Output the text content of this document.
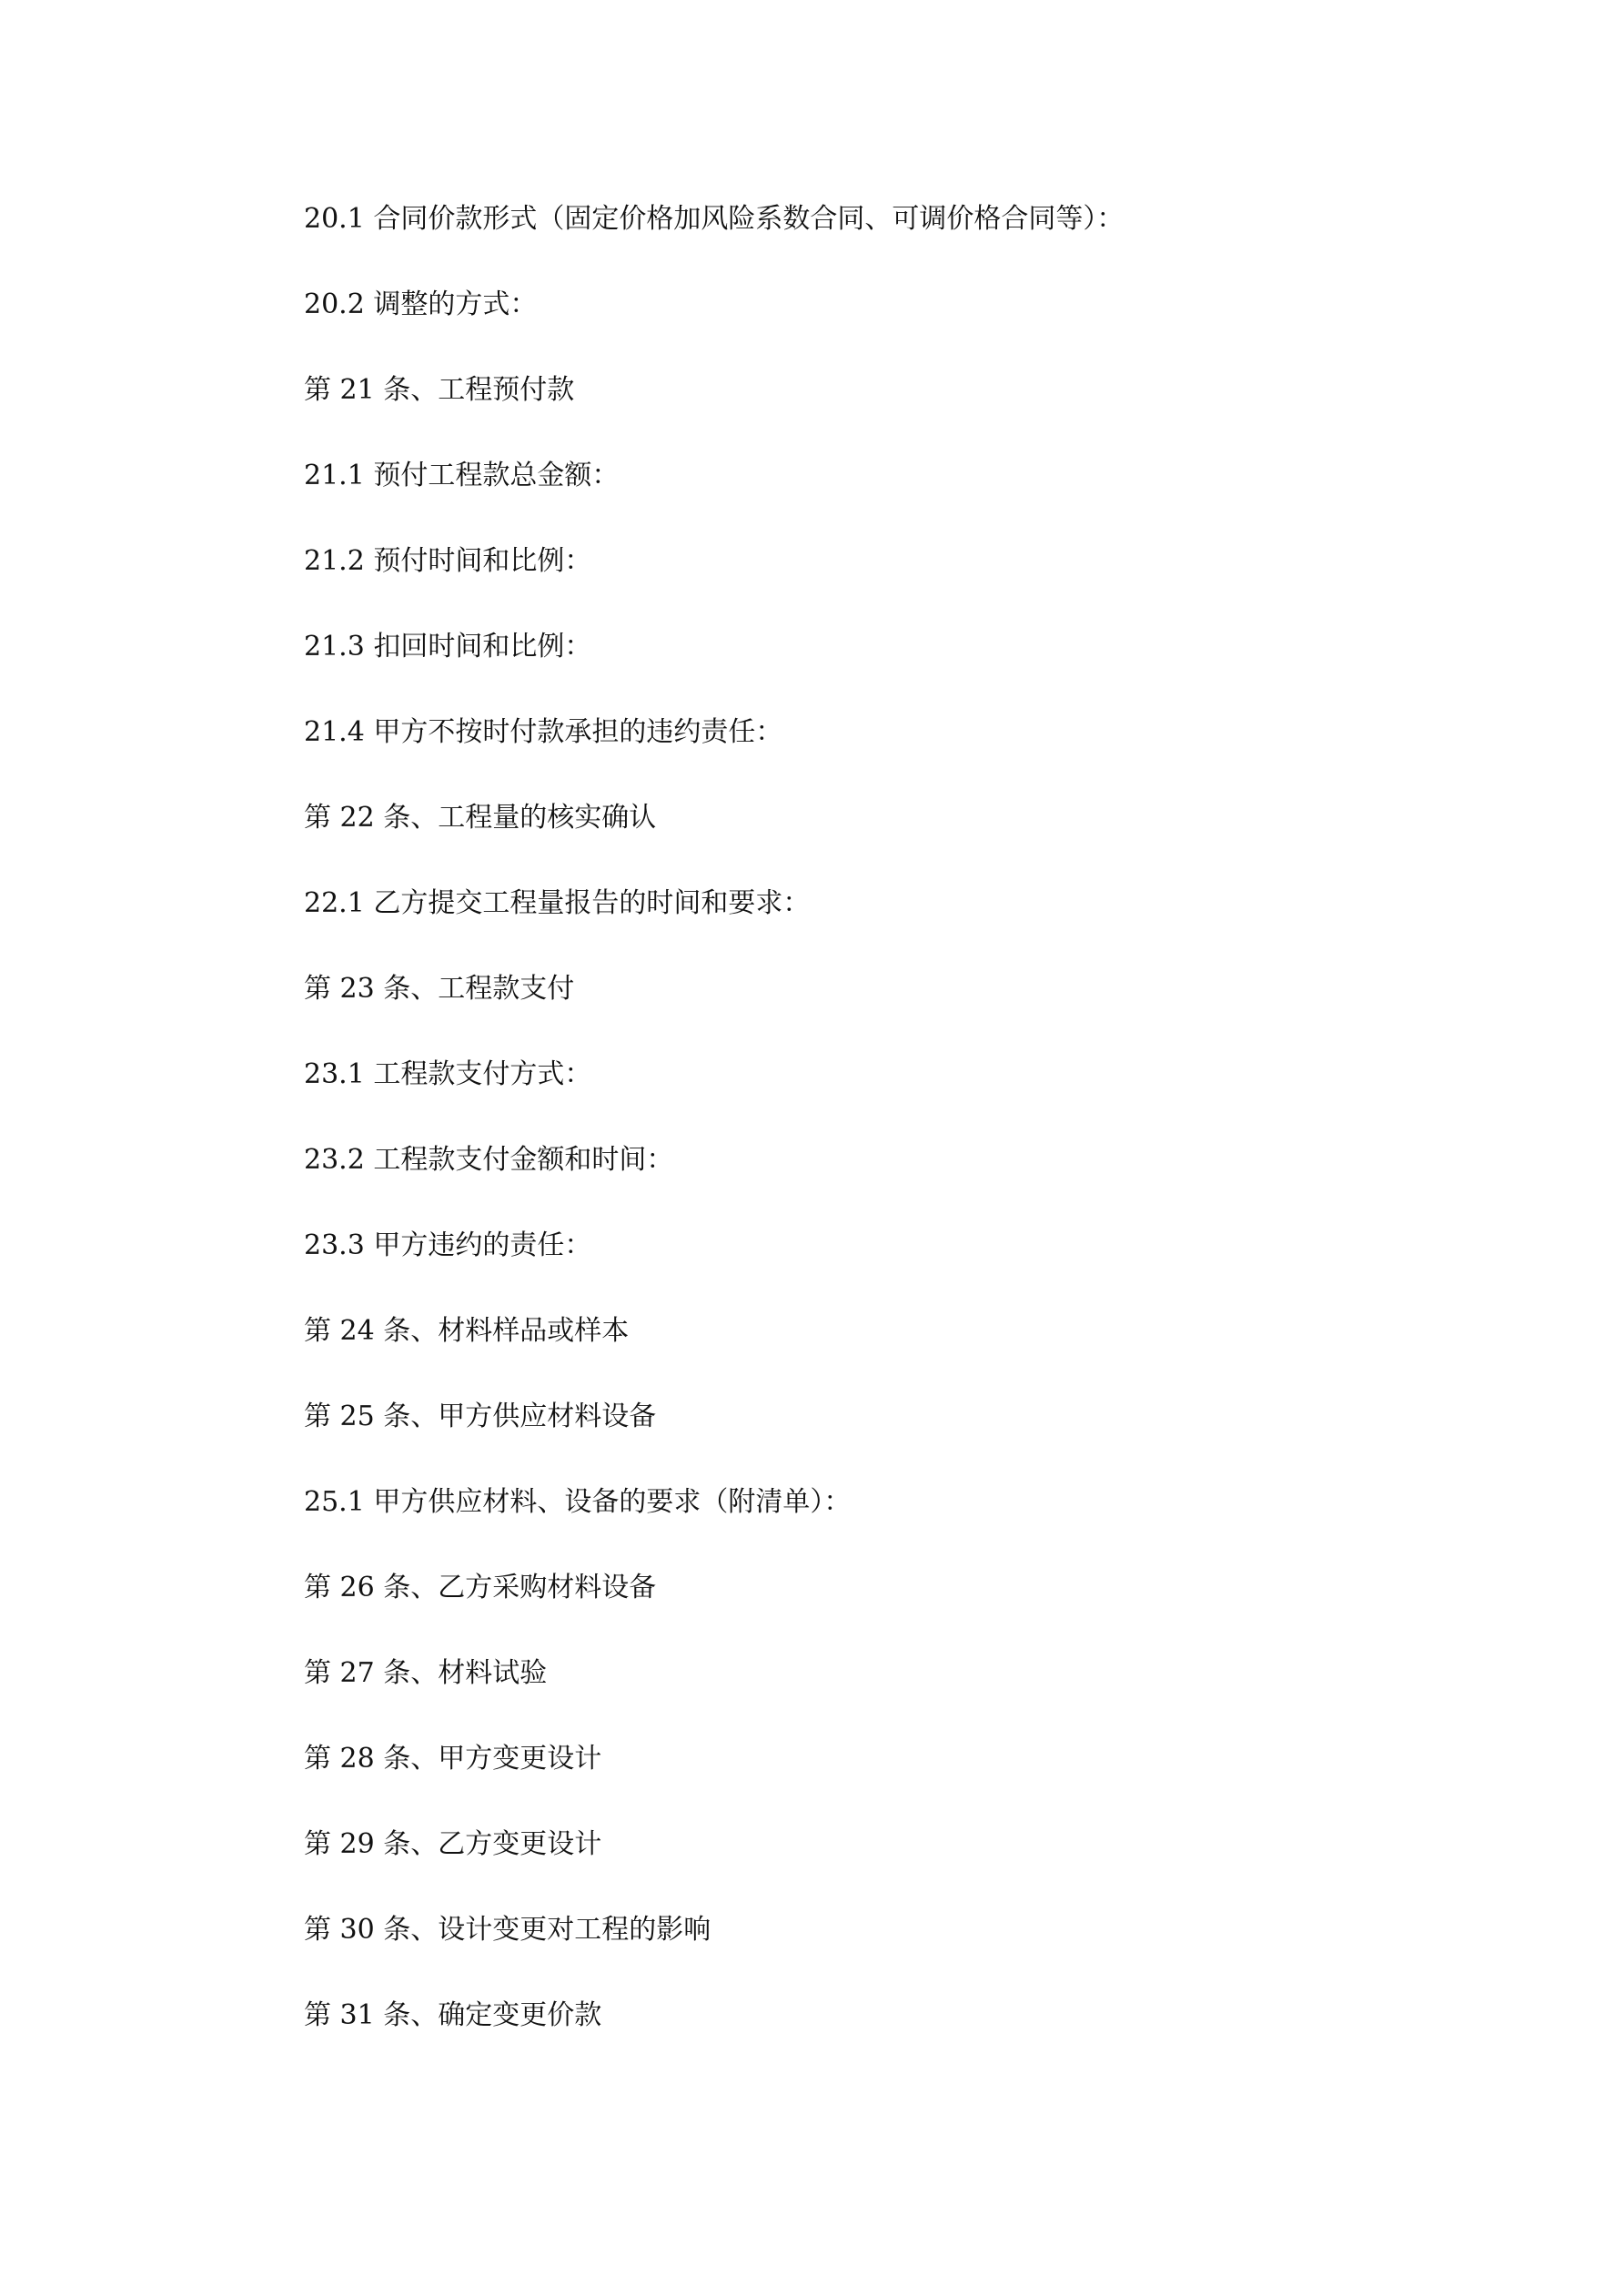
20.1 合同价款形式（固定价格加风险系数合同、可调价格合同等）：
20.2 调整的方式：
第 21 条、工程预付款
21.1 预付工程款总金额：
21.2 预付时间和比例：
21.3 扣回时间和比例：
21.4 甲方不按时付款承担的违约责任：
第 22 条、工程量的核实确认
22.1 乙方提交工程量报告的时间和要求：
第 23 条、工程款支付
23.1 工程款支付方式：
23.2 工程款支付金额和时间：
23.3 甲方违约的责任：
第 24 条、材料样品或样本
第 25 条、甲方供应材料设备
25.1 甲方供应材料、设备的要求（附清单）：
第 26 条、乙方采购材料设备
第 27 条、材料试验
第 28 条、甲方变更设计
第 29 条、乙方变更设计
第 30 条、设计变更对工程的影响
第 31 条、确定变更价款
